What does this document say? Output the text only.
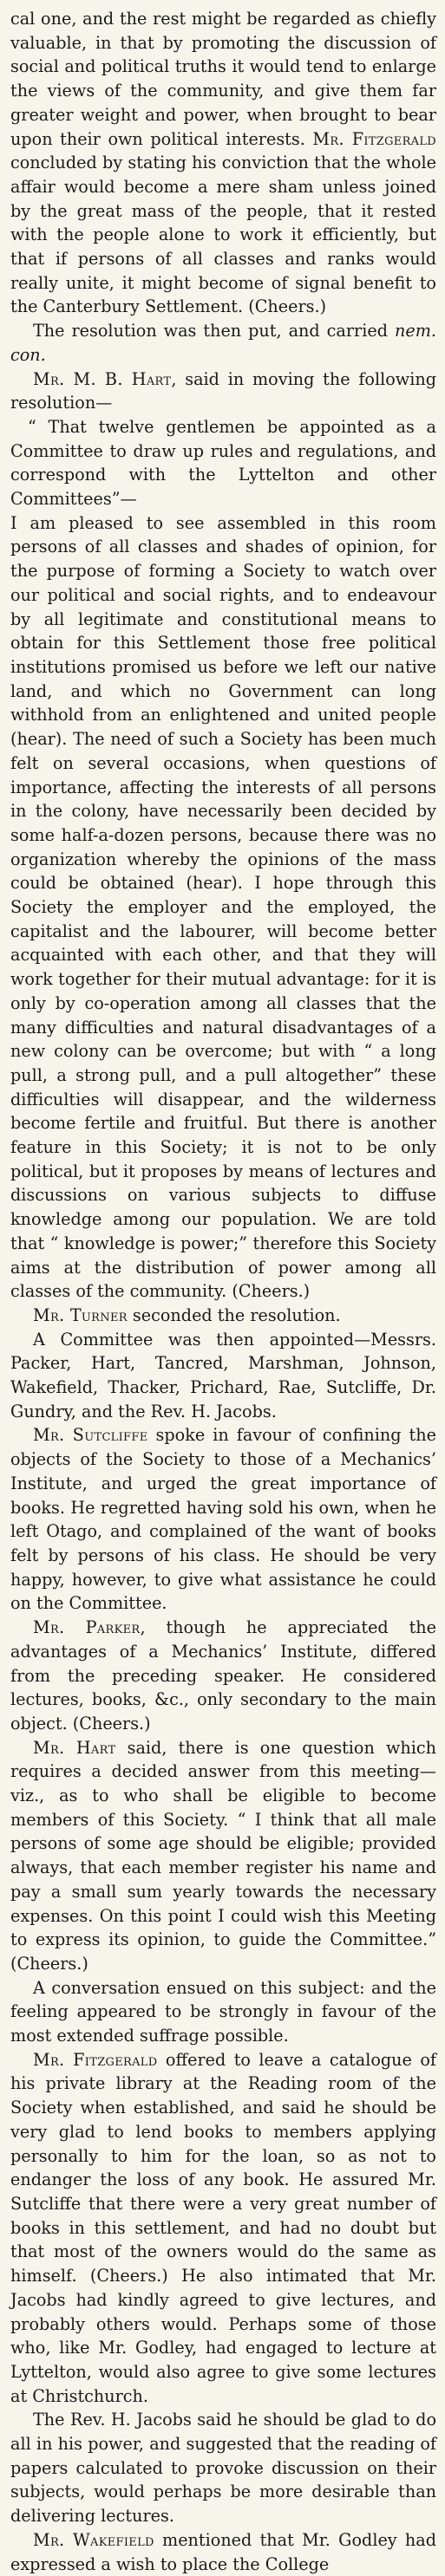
cal one, and the rest might be regarded as chiefly valuable, in that by promoting the discussion of social and political truths it would tend to enlarge the views of the community, and give them far greater weight and power, when brought to bear upon their own political interests. Mr. Fitzgerald concluded by stating his conviction that the whole affair would become a mere sham unless joined by the great mass of the people, that it rested with the people alone to work it efficiently, but that if persons of all classes and ranks would really unite, it might become of signal benefit to the Canterbury Settlement. (Cheers.)

The resolution was then put, and carried nem. con.

Mr. M. B. Hart, said in moving the following resolution—

“ That twelve gentlemen be appointed as a Committee to draw up rules and regulations, and correspond with the Lyttelton and other Committees”—

I am pleased to see assembled in this room persons of all classes and shades of opinion, for the purpose of forming a Society to watch over our political and social rights, and to endeavour by all legitimate and constitutional means to obtain for this Settlement those free political institutions promised us before we left our native land, and which no Government can long withhold from an enlightened and united people (hear). The need of such a Society has been much felt on several occasions, when questions of importance, affecting the interests of all persons in the colony, have necessarily been decided by some half-a-dozen persons, because there was no organization whereby the opinions of the mass could be obtained (hear). I hope through this Society the employer and the employed, the capitalist and the labourer, will become better acquainted with each other, and that they will work together for their mutual advantage: for it is only by co-operation among all classes that the many difficulties and natural disadvantages of a new colony can be overcome; but with “ a long pull, a strong pull, and a pull altogether” these difficulties will disappear, and the wilderness become fertile and fruitful. But there is another feature in this Society; it is not to be only political, but it proposes by means of lectures and discussions on various subjects to diffuse knowledge among our population. We are told that “ knowledge is power;” therefore this Society aims at the distribution of power among all classes of the community. (Cheers.)

Mr. Turner seconded the resolution.

A Committee was then appointed—Messrs. Packer, Hart, Tancred, Marshman, Johnson, Wakefield, Thacker, Prichard, Rae, Sutcliffe, Dr. Gundry, and the Rev. H. Jacobs.

Mr. Sutcliffe spoke in favour of confining the objects of the Society to those of a Mechanics’ Institute, and urged the great importance of books. He regretted having sold his own, when he left Otago, and complained of the want of books felt by persons of his class. He should be very happy, however, to give what assistance he could on the Committee.

Mr. Parker, though he appreciated the advantages of a Mechanics’ Institute, differed from the preceding speaker. He considered lectures, books, &c., only secondary to the main object. (Cheers.)

Mr. Hart said, there is one question which requires a decided answer from this meeting—viz., as to who shall be eligible to become members of this Society. “ I think that all male persons of some age should be eligible; provided always, that each member register his name and pay a small sum yearly towards the necessary expenses. On this point I could wish this Meeting to express its opinion, to guide the Committee.” (Cheers.)

A conversation ensued on this subject: and the feeling appeared to be strongly in favour of the most extended suffrage possible.

Mr. Fitzgerald offered to leave a catalogue of his private library at the Reading room of the Society when established, and said he should be very glad to lend books to members applying personally to him for the loan, so as not to endanger the loss of any book. He assured Mr. Sutcliffe that there were a very great number of books in this settlement, and had no doubt but that most of the owners would do the same as himself. (Cheers.) He also intimated that Mr. Jacobs had kindly agreed to give lectures, and probably others would. Perhaps some of those who, like Mr. Godley, had engaged to lecture at Lyttelton, would also agree to give some lectures at Christchurch.

The Rev. H. Jacobs said he should be glad to do all in his power, and suggested that the reading of papers calculated to provoke discussion on their subjects, would perhaps be more desirable than delivering lectures.

Mr. Wakefield mentioned that Mr. Godley had expressed a wish to place the College
